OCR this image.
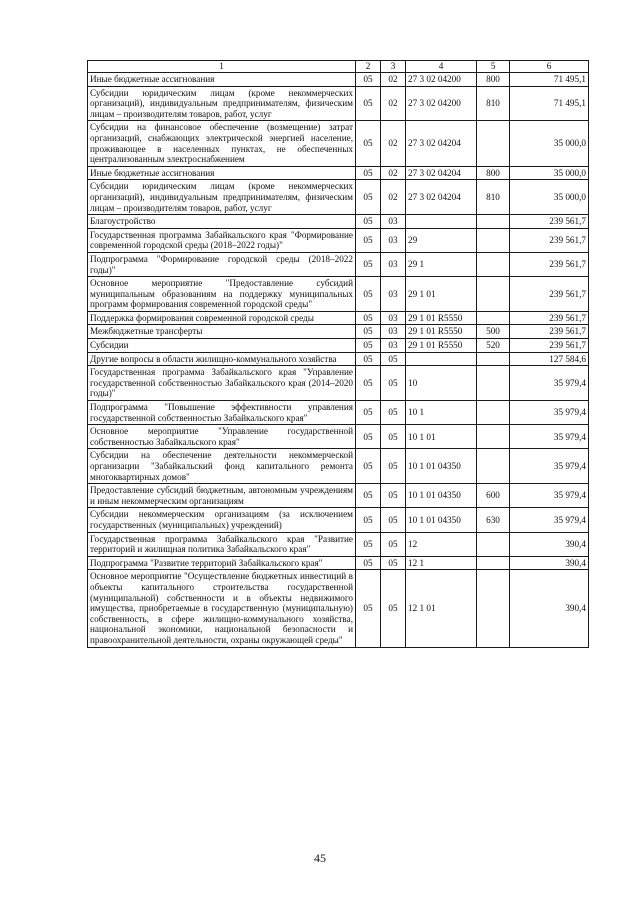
1	2	3	4	5	6
Иные бюджетные ассигнования	05	02	27 3 02 04200	800	71 495,1
Субсидии юридическим лицам (кроме некоммерческих организаций), индивидуальным предпринимателям, физическим лицам – производителям товаров, работ, услуг	05	02	27 3 02 04200	810	71 495,1
Субсидии на финансовое обеспечение (возмещение) затрат организаций, снабжающих электрической энергией население, проживающее в населенных пунктах, не обеспеченных централизованным электроснабжением	05	02	27 3 02 04204		35 000,0
Иные бюджетные ассигнования	05	02	27 3 02 04204	800	35 000,0
Субсидии юридическим лицам (кроме некоммерческих организаций), индивидуальным предпринимателям, физическим лицам – производителям товаров, работ, услуг	05	02	27 3 02 04204	810	35 000,0
Благоустройство	05	03			239 561,7
Государственная программа Забайкальского края "Формирование современной городской среды (2018–2022 годы)"	05	03	29		239 561,7
Подпрограмма "Формирование городской среды (2018–2022 годы)"	05	03	29 1		239 561,7
Основное мероприятие "Предоставление субсидий муниципальным образованиям на поддержку муниципальных программ формирования современной городской среды"	05	03	29 1 01		239 561,7
Поддержка формирования современной городской среды	05	03	29 1 01 R5550		239 561,7
Межбюджетные трансферты	05	03	29 1 01 R5550	500	239 561,7
Субсидии	05	03	29 1 01 R5550	520	239 561,7
Другие вопросы в области жилищно-коммунального хозяйства	05	05			127 584,6
Государственная программа Забайкальского края "Управление государственной собственностью Забайкальского края (2014–2020 годы)"	05	05	10		35 979,4
Подпрограмма "Повышение эффективности управления государственной собственностью Забайкальского края"	05	05	10 1		35 979,4
Основное мероприятие "Управление государственной собственностью Забайкальского края"	05	05	10 1 01		35 979,4
Субсидии на обеспечение деятельности некоммерческой организации "Забайкальский фонд капитального ремонта многоквартирных домов"	05	05	10 1 01 04350		35 979,4
Предоставление субсидий бюджетным, автономным учреждениям и иным некоммерческим организациям	05	05	10 1 01 04350	600	35 979,4
Субсидии некоммерческим организациям (за исключением государственных (муниципальных) учреждений)	05	05	10 1 01 04350	630	35 979,4
Государственная программа Забайкальского края "Развитие территорий и жилищная политика Забайкальского края"	05	05	12		390,4
Подпрограмма "Развитие территорий Забайкальского края"	05	05	12 1		390,4
Основное мероприятие "Осуществление бюджетных инвестиций в объекты капитального строительства государственной (муниципальной) собственности и в объекты недвижимого имущества, приобретаемые в государственную (муниципальную) собственность, в сфере жилищно-коммунального хозяйства, национальной экономики, национальной безопасности и правоохранительной деятельности, охраны окружающей среды"	05	05	12 1 01		390,4
45
